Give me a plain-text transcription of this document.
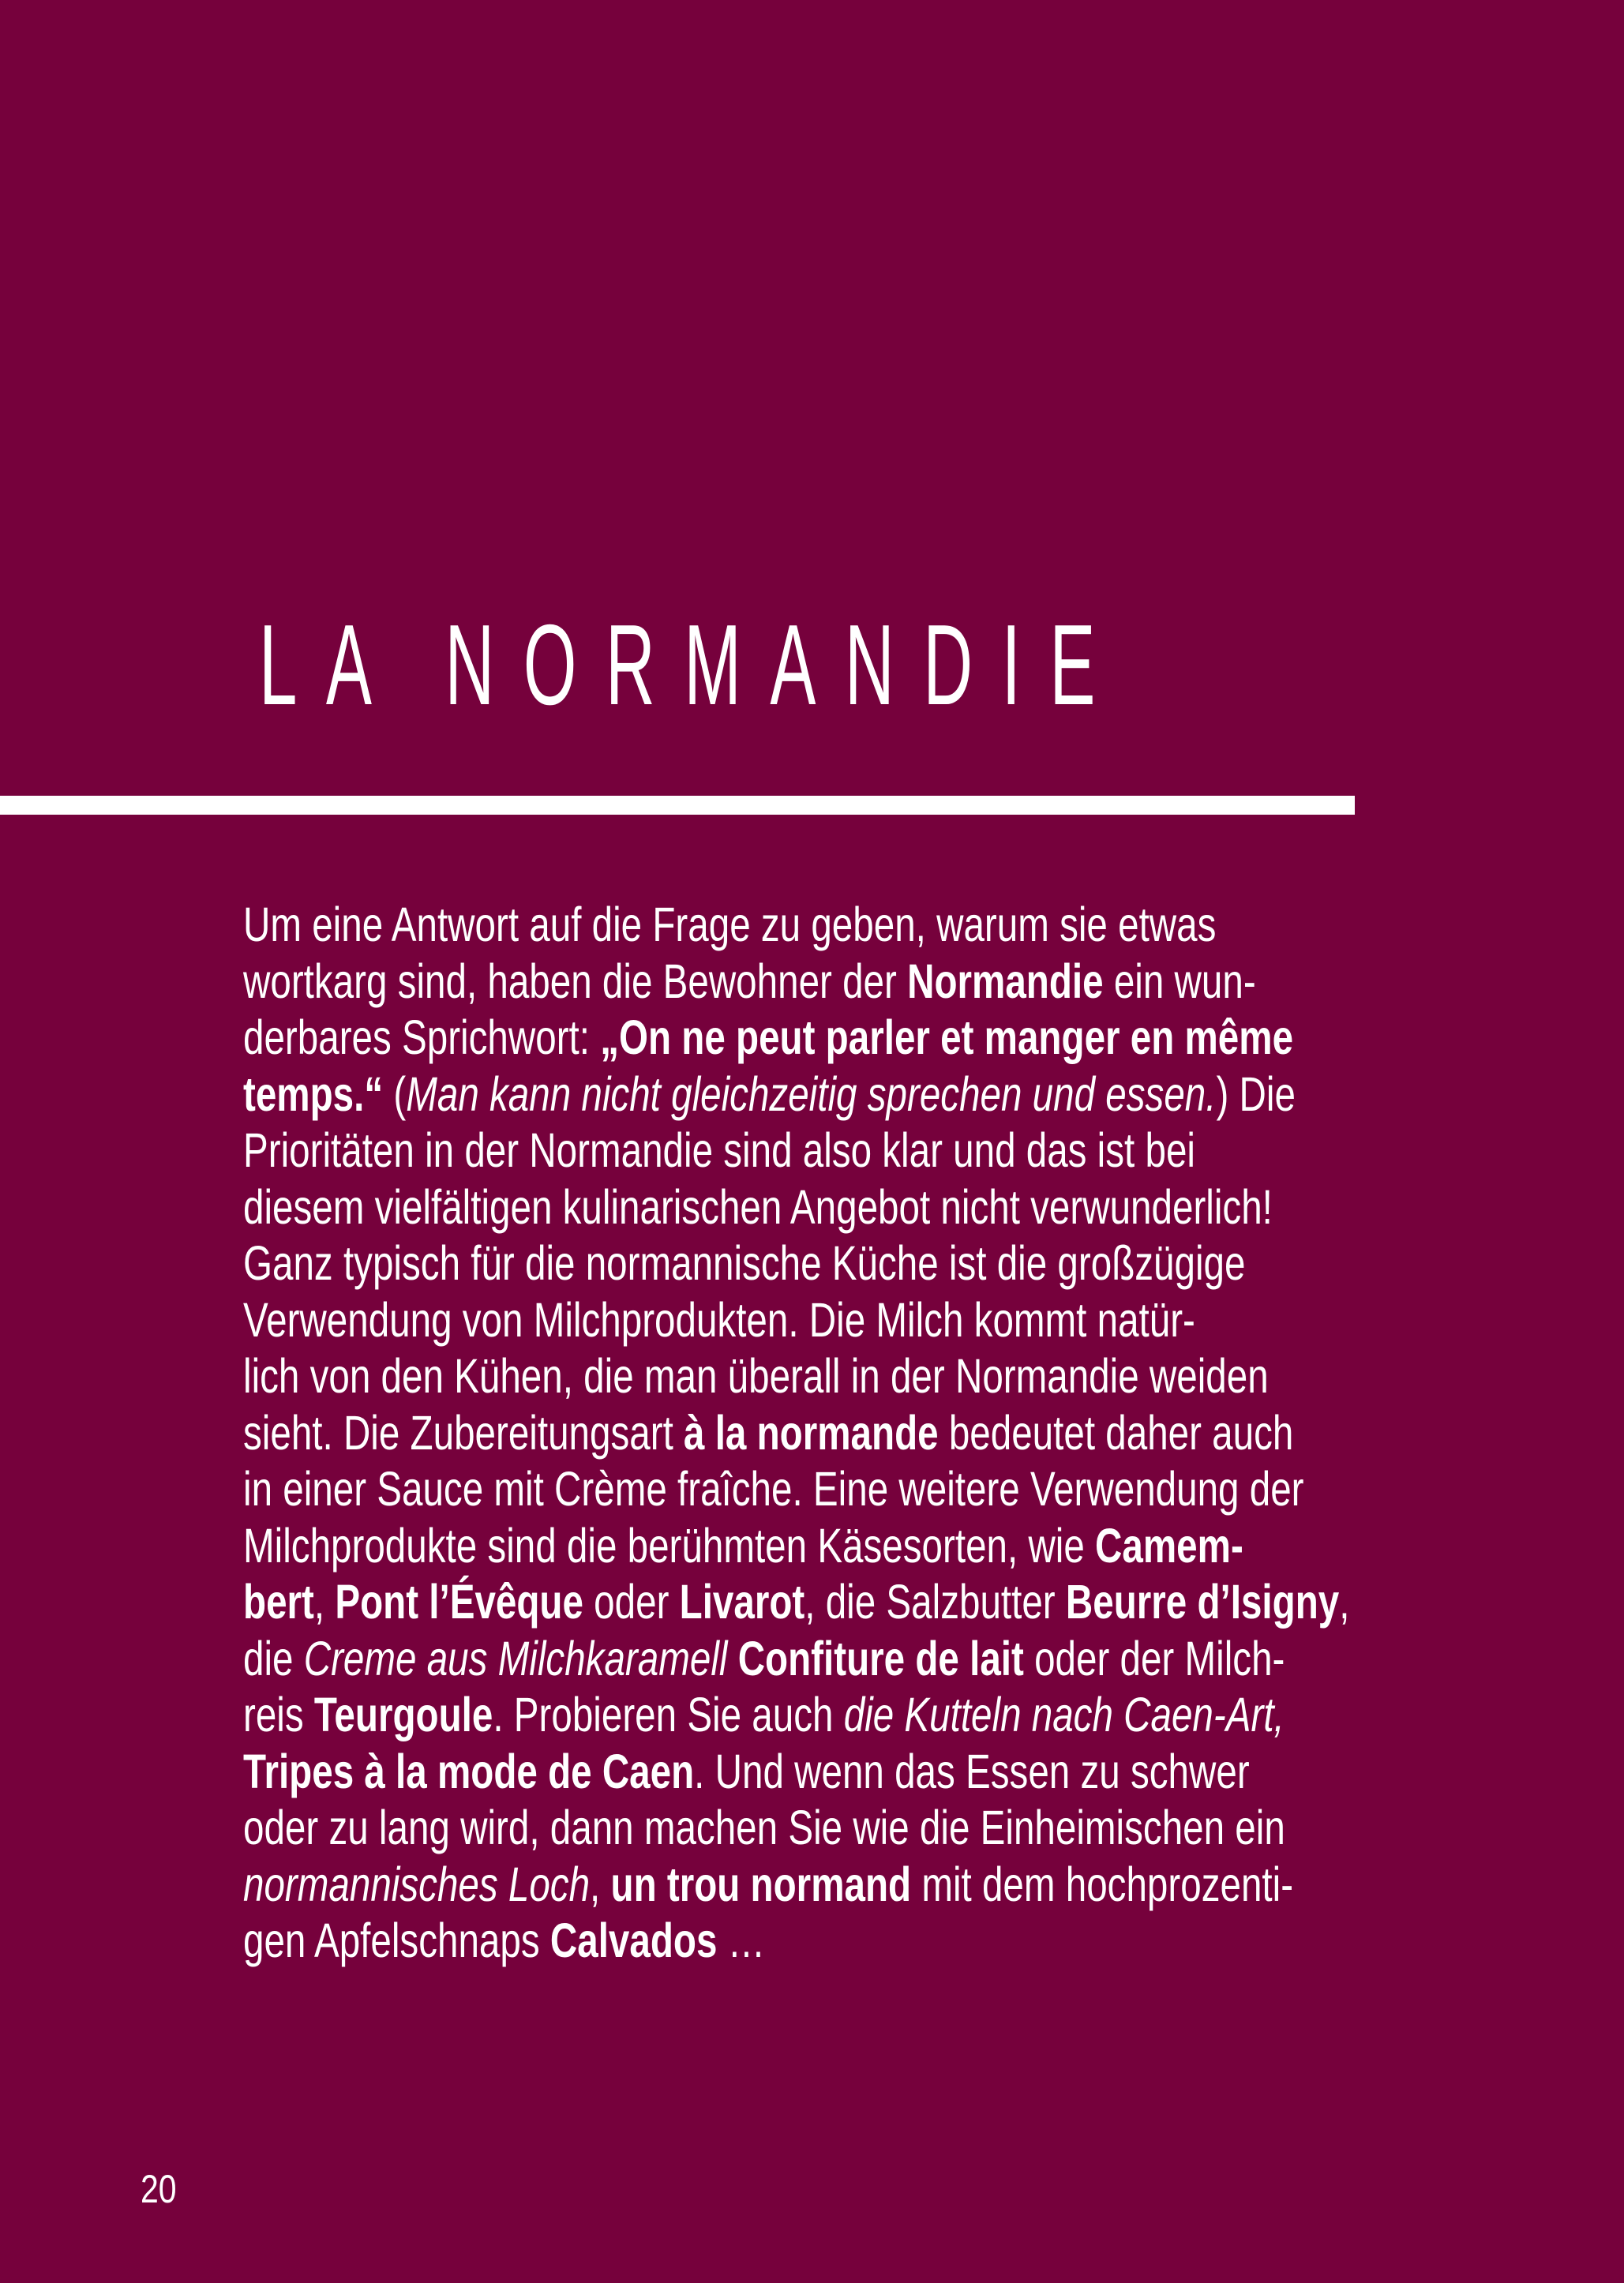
LA NORMANDIE
Um eine Antwort auf die Frage zu geben, warum sie etwas
wortkarg sind, haben die Bewohner der Normandie ein wun-
derbares Sprichwort: „On ne peut parler et manger en même
temps.“ (Man kann nicht gleichzeitig sprechen und essen.) Die
Prioritäten in der Normandie sind also klar und das ist bei
diesem vielfältigen kulinarischen Angebot nicht verwunderlich!
Ganz typisch für die normannische Küche ist die großzügige
Verwendung von Milchprodukten. Die Milch kommt natür-
lich von den Kühen, die man überall in der Normandie weiden
sieht. Die Zubereitungsart à la normande bedeutet daher auch
in einer Sauce mit Crème fraîche. Eine weitere Verwendung der
Milchprodukte sind die berühmten Käsesorten, wie Camem-
bert, Pont l’Évêque oder Livarot, die Salzbutter Beurre d’Isigny,
die Creme aus Milchkaramell Confiture de lait oder der Milch-
reis Teurgoule. Probieren Sie auch die Kutteln nach Caen-Art,
Tripes à la mode de Caen. Und wenn das Essen zu schwer
oder zu lang wird, dann machen Sie wie die Einheimischen ein
normannisches Loch, un trou normand mit dem hochprozenti-
gen Apfelschnaps Calvados …
20
